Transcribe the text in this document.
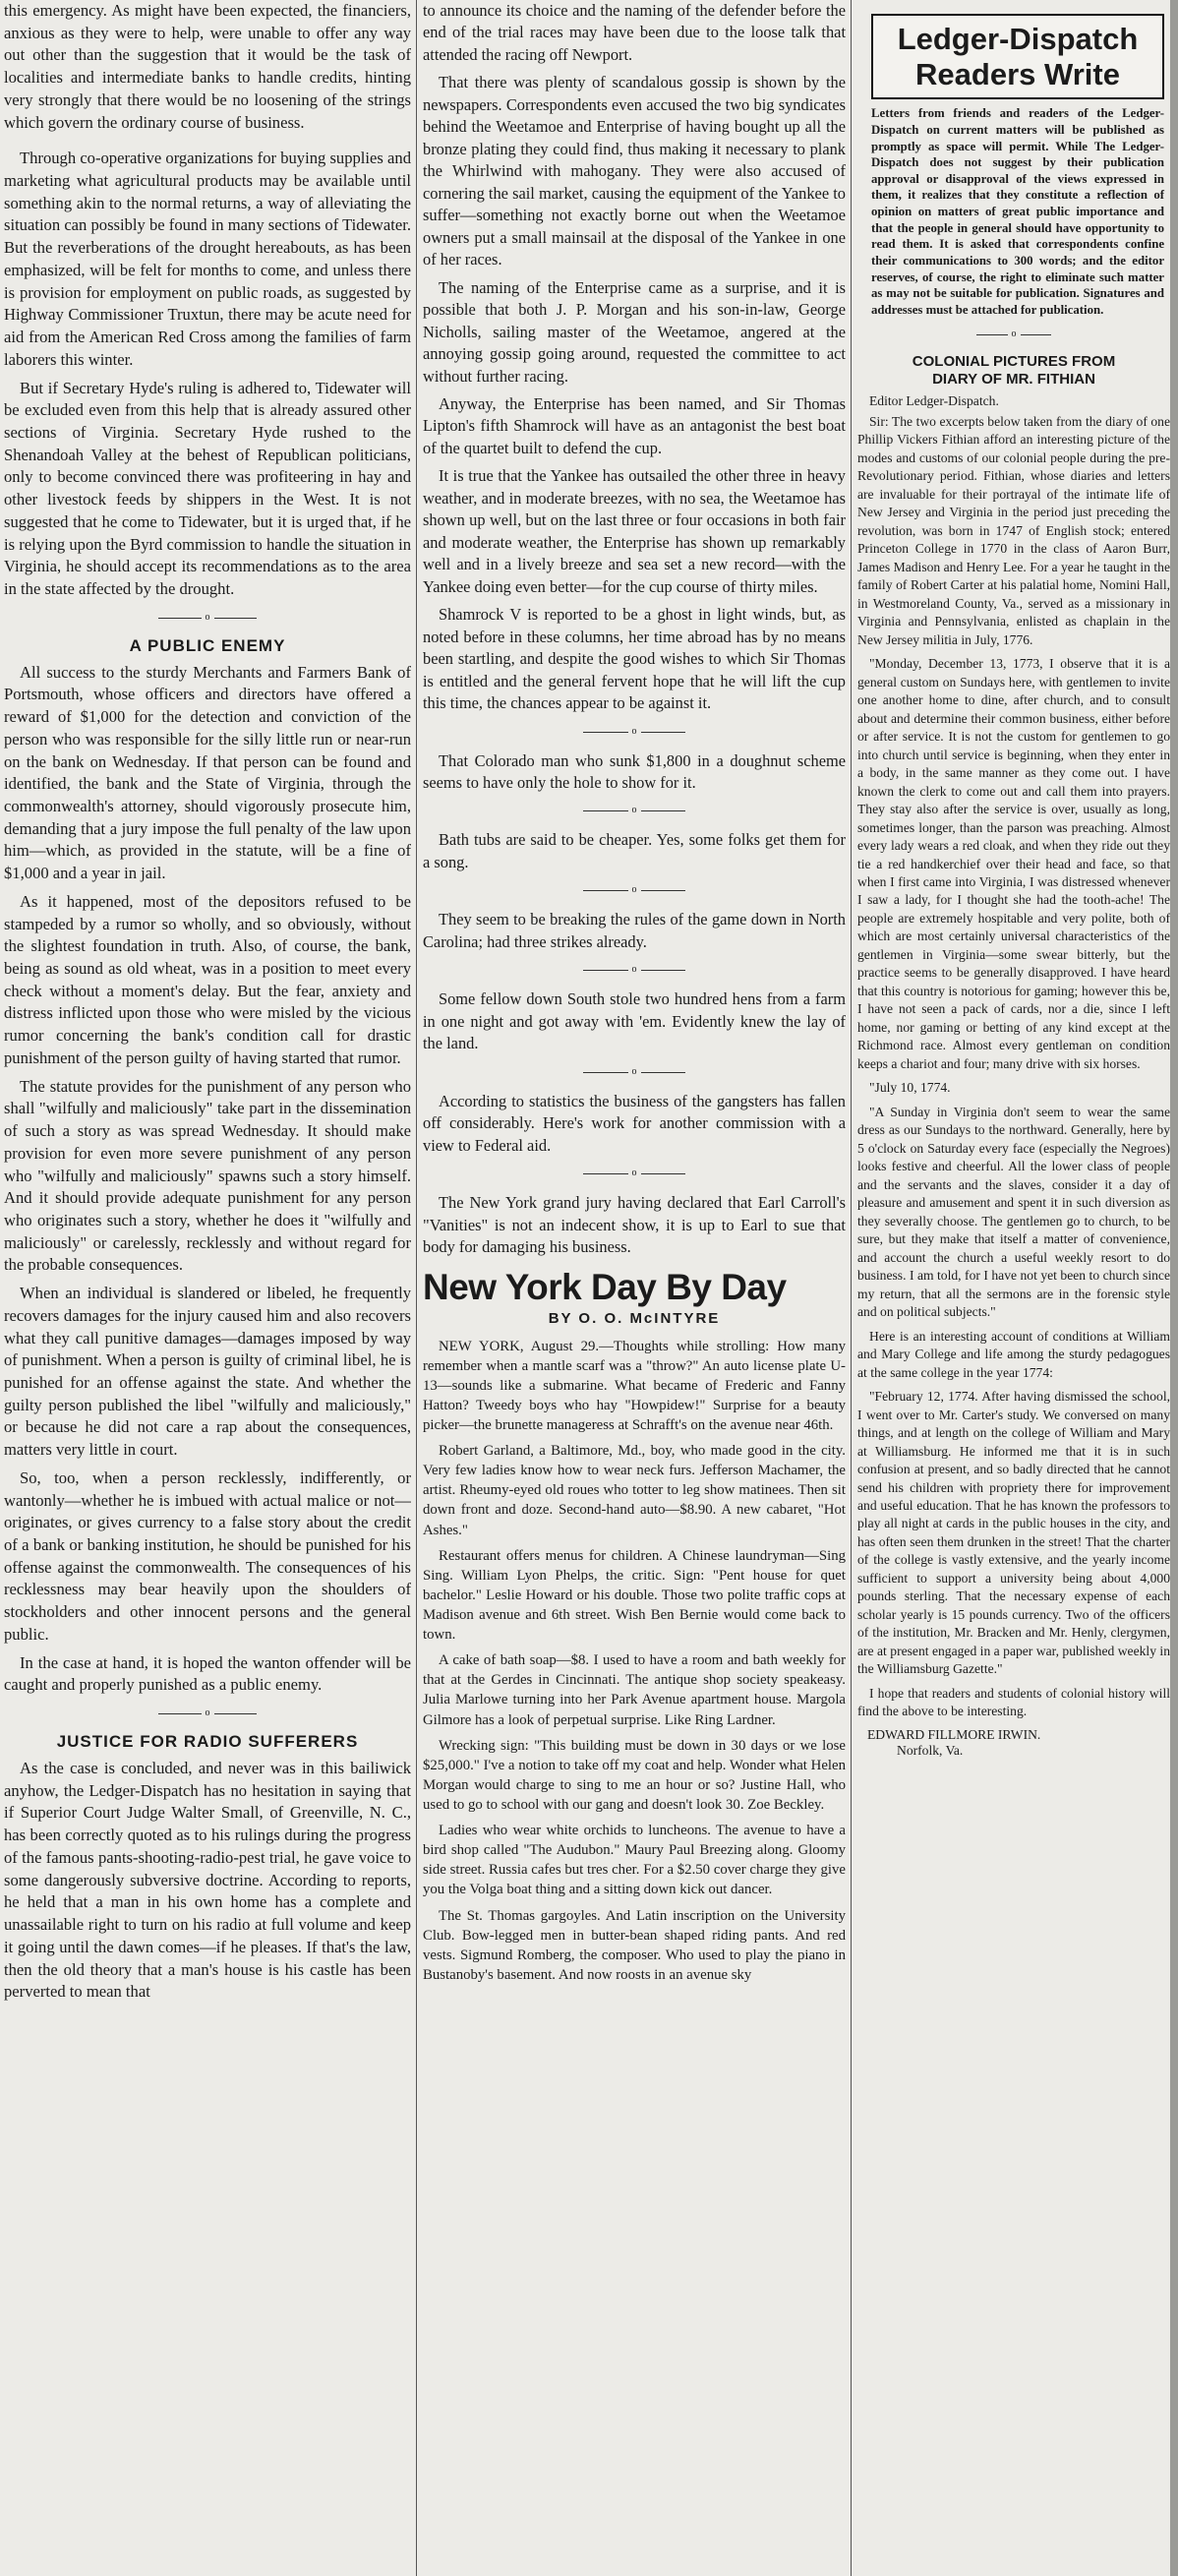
this emergency. As might have been expected, the financiers, anxious as they were to help, were unable to offer any way out other than the suggestion that it would be the task of localities and intermediate banks to handle credits, hinting very strongly that there would be no loosening of the strings which govern the ordinary course of business.

Through co-operative organizations for buying supplies and marketing what agricultural products may be available until something akin to the normal returns, a way of alleviating the situation can possibly be found in many sections of Tidewater. But the reverberations of the drought hereabouts, as has been emphasized, will be felt for months to come, and unless there is provision for employment on public roads, as suggested by Highway Commissioner Truxtun, there may be acute need for aid from the American Red Cross among the families of farm laborers this winter.

But if Secretary Hyde's ruling is adhered to, Tidewater will be excluded even from this help that is already assured other sections of Virginia. Secretary Hyde rushed to the Shenandoah Valley at the behest of Republican politicians, only to become convinced there was profiteering in hay and other livestock feeds by shippers in the West. It is not suggested that he come to Tidewater, but it is urged that, if he is relying upon the Byrd commission to handle the situation in Virginia, he should accept its recommendations as to the area in the state affected by the drought.

o
A PUBLIC ENEMY

All success to the sturdy Merchants and Farmers Bank of Portsmouth, whose officers and directors have offered a reward of $1,000 for the detection and conviction of the person who was responsible for the silly little run or near-run on the bank on Wednesday. If that person can be found and identified, the bank and the State of Virginia, through the commonwealth's attorney, should vigorously prosecute him, demanding that a jury impose the full penalty of the law upon him—which, as provided in the statute, will be a fine of $1,000 and a year in jail.

As it happened, most of the depositors refused to be stampeded by a rumor so wholly, and so obviously, without the slightest foundation in truth. Also, of course, the bank, being as sound as old wheat, was in a position to meet every check without a moment's delay. But the fear, anxiety and distress inflicted upon those who were misled by the vicious rumor concerning the bank's condition call for drastic punishment of the person guilty of having started that rumor.

The statute provides for the punishment of any person who shall "wilfully and maliciously" take part in the dissemination of such a story as was spread Wednesday. It should make provision for even more severe punishment of any person who "wilfully and maliciously" spawns such a story himself. And it should provide adequate punishment for any person who originates such a story, whether he does it "wilfully and maliciously" or carelessly, recklessly and without regard for the probable consequences.

When an individual is slandered or libeled, he frequently recovers damages for the injury caused him and also recovers what they call punitive damages—damages imposed by way of punishment. When a person is guilty of criminal libel, he is punished for an offense against the state. And whether the guilty person published the libel "wilfully and maliciously," or because he did not care a rap about the consequences, matters very little in court.

So, too, when a person recklessly, indifferently, or wantonly—whether he is imbued with actual malice or not—originates, or gives currency to a false story about the credit of a bank or banking institution, he should be punished for his offense against the commonwealth. The consequences of his recklessness may bear heavily upon the shoulders of stockholders and other innocent persons and the general public.

In the case at hand, it is hoped the wanton offender will be caught and properly punished as a public enemy.

o
JUSTICE FOR RADIO SUFFERERS

As the case is concluded, and never was in this bailiwick anyhow, the Ledger-Dispatch has no hesitation in saying that if Superior Court Judge Walter Small, of Greenville, N. C., has been correctly quoted as to his rulings during the progress of the famous pants-shooting-radio-pest trial, he gave voice to some dangerously subversive doctrine. According to reports, he held that a man in his own home has a complete and unassailable right to turn on his radio at full volume and keep it going until the dawn comes—if he pleases. If that's the law, then the old theory that a man's house is his castle has been perverted to mean that

to announce its choice and the naming of the defender before the end of the trial races may have been due to the loose talk that attended the racing off Newport.

That there was plenty of scandalous gossip is shown by the newspapers. Correspondents even accused the two big syndicates behind the Weetamoe and Enterprise of having bought up all the bronze plating they could find, thus making it necessary to plank the Whirlwind with mahogany. They were also accused of cornering the sail market, causing the equipment of the Yankee to suffer—something not exactly borne out when the Weetamoe owners put a small mainsail at the disposal of the Yankee in one of her races.

The naming of the Enterprise came as a surprise, and it is possible that both J. P. Morgan and his son-in-law, George Nicholls, sailing master of the Weetamoe, angered at the annoying gossip going around, requested the committee to act without further racing.

Anyway, the Enterprise has been named, and Sir Thomas Lipton's fifth Shamrock will have as an antagonist the best boat of the quartet built to defend the cup.

It is true that the Yankee has outsailed the other three in heavy weather, and in moderate breezes, with no sea, the Weetamoe has shown up well, but on the last three or four occasions in both fair and moderate weather, the Enterprise has shown up remarkably well and in a lively breeze and sea set a new record—with the Yankee doing even better—for the cup course of thirty miles.

Shamrock V is reported to be a ghost in light winds, but, as noted before in these columns, her time abroad has by no means been startling, and despite the good wishes to which Sir Thomas is entitled and the general fervent hope that he will lift the cup this time, the chances appear to be against it.

o

That Colorado man who sunk $1,800 in a doughnut scheme seems to have only the hole to show for it.

o

Bath tubs are said to be cheaper. Yes, some folks get them for a song.

o

They seem to be breaking the rules of the game down in North Carolina; had three strikes already.

o

Some fellow down South stole two hundred hens from a farm in one night and got away with 'em. Evidently knew the lay of the land.

o

According to statistics the business of the gangsters has fallen off considerably. Here's work for another commission with a view to Federal aid.

o

The New York grand jury having declared that Earl Carroll's "Vanities" is not an indecent show, it is up to Earl to sue that body for damaging his business.

New York Day By Day
BY O. O. McINTYRE

NEW YORK, August 29.—Thoughts while strolling: How many remember when a mantle scarf was a "throw?" An auto license plate U-13—sounds like a submarine. What became of Frederic and Fanny Hatton? Tweedy boys who hay "Howpidew!" Surprise for a beauty picker—the brunette manageress at Schrafft's on the avenue near 46th.

Robert Garland, a Baltimore, Md., boy, who made good in the city. Very few ladies know how to wear neck furs. Jefferson Machamer, the artist. Rheumy-eyed old roues who totter to leg show matinees. Then sit down front and doze. Second-hand auto—$8.90. A new cabaret, "Hot Ashes."

Restaurant offers menus for children. A Chinese laundryman—Sing Sing. William Lyon Phelps, the critic. Sign: "Pent house for quet bachelor." Leslie Howard or his double. Those two polite traffic cops at Madison avenue and 6th street. Wish Ben Bernie would come back to town.

A cake of bath soap—$8. I used to have a room and bath weekly for that at the Gerdes in Cincinnati. The antique shop society speakeasy. Julia Marlowe turning into her Park Avenue apartment house. Margola Gilmore has a look of perpetual surprise. Like Ring Lardner.

Wrecking sign: "This building must be down in 30 days or we lose $25,000." I've a notion to take off my coat and help. Wonder what Helen Morgan would charge to sing to me an hour or so? Justine Hall, who used to go to school with our gang and doesn't look 30. Zoe Beckley.

Ladies who wear white orchids to luncheons. The avenue to have a bird shop called "The Audubon." Maury Paul Breezing along. Gloomy side street. Russia cafes but tres cher. For a $2.50 cover charge they give you the Volga boat thing and a sitting down kick out dancer.

The St. Thomas gargoyles. And Latin inscription on the University Club. Bow-legged men in butter-bean shaped riding pants. And red vests. Sigmund Romberg, the composer. Who used to play the piano in Bustanoby's basement. And now roosts in an avenue sky

Ledger-Dispatch
Readers Write

Letters from friends and readers of the Ledger-Dispatch on current matters will be published as promptly as space will permit. While The Ledger-Dispatch does not suggest by their publication approval or disapproval of the views expressed in them, it realizes that they constitute a reflection of opinion on matters of great public importance and that the people in general should have opportunity to read them. It is asked that correspondents confine their communications to 300 words; and the editor reserves, of course, the right to eliminate such matter as may not be suitable for publication. Signatures and addresses must be attached for publication.

o
COLONIAL PICTURES FROM
DIARY OF MR. FITHIAN

Editor Ledger-Dispatch.

Sir: The two excerpts below taken from the diary of one Phillip Vickers Fithian afford an interesting picture of the modes and customs of our colonial people during the pre-Revolutionary period. Fithian, whose diaries and letters are invaluable for their portrayal of the intimate life of New Jersey and Virginia in the period just preceding the revolution, was born in 1747 of English stock; entered Princeton College in 1770 in the class of Aaron Burr, James Madison and Henry Lee. For a year he taught in the family of Robert Carter at his palatial home, Nomini Hall, in Westmoreland County, Va., served as a missionary in Virginia and Pennsylvania, enlisted as chaplain in the New Jersey militia in July, 1776.

"Monday, December 13, 1773, I observe that it is a general custom on Sundays here, with gentlemen to invite one another home to dine, after church, and to consult about and determine their common business, either before or after service. It is not the custom for gentlemen to go into church until service is beginning, when they enter in a body, in the same manner as they come out. I have known the clerk to come out and call them into prayers. They stay also after the service is over, usually as long, sometimes longer, than the parson was preaching. Almost every lady wears a red cloak, and when they ride out they tie a red handkerchief over their head and face, so that when I first came into Virginia, I was distressed whenever I saw a lady, for I thought she had the tooth-ache! The people are extremely hospitable and very polite, both of which are most certainly universal characteristics of the gentlemen in Virginia—some swear bitterly, but the practice seems to be generally disapproved. I have heard that this country is notorious for gaming; however this be, I have not seen a pack of cards, nor a die, since I left home, nor gaming or betting of any kind except at the Richmond race. Almost every gentleman on condition keeps a chariot and four; many drive with six horses.

"July 10, 1774.

"A Sunday in Virginia don't seem to wear the same dress as our Sundays to the northward. Generally, here by 5 o'clock on Saturday every face (especially the Negroes) looks festive and cheerful. All the lower class of people and the servants and the slaves, consider it a day of pleasure and amusement and spent it in such diversion as they severally choose. The gentlemen go to church, to be sure, but they make that itself a matter of convenience, and account the church a useful weekly resort to do business. I am told, for I have not yet been to church since my return, that all the sermons are in the forensic style and on political subjects."

Here is an interesting account of conditions at William and Mary College and life among the sturdy pedagogues at the same college in the year 1774:

"February 12, 1774. After having dismissed the school, I went over to Mr. Carter's study. We conversed on many things, and at length on the college of William and Mary at Williamsburg. He informed me that it is in such confusion at present, and so badly directed that he cannot send his children with propriety there for improvement and useful education. That he has known the professors to play all night at cards in the public houses in the city, and has often seen them drunken in the street! That the charter of the college is vastly extensive, and the yearly income sufficient to support a university being about 4,000 pounds sterling. That the necessary expense of each scholar yearly is 15 pounds currency. Two of the officers of the institution, Mr. Bracken and Mr. Henly, clergymen, are at present engaged in a paper war, published weekly in the Williamsburg Gazette."

I hope that readers and students of colonial history will find the above to be interesting.

EDWARD FILLMORE IRWIN.
Norfolk, Va.
